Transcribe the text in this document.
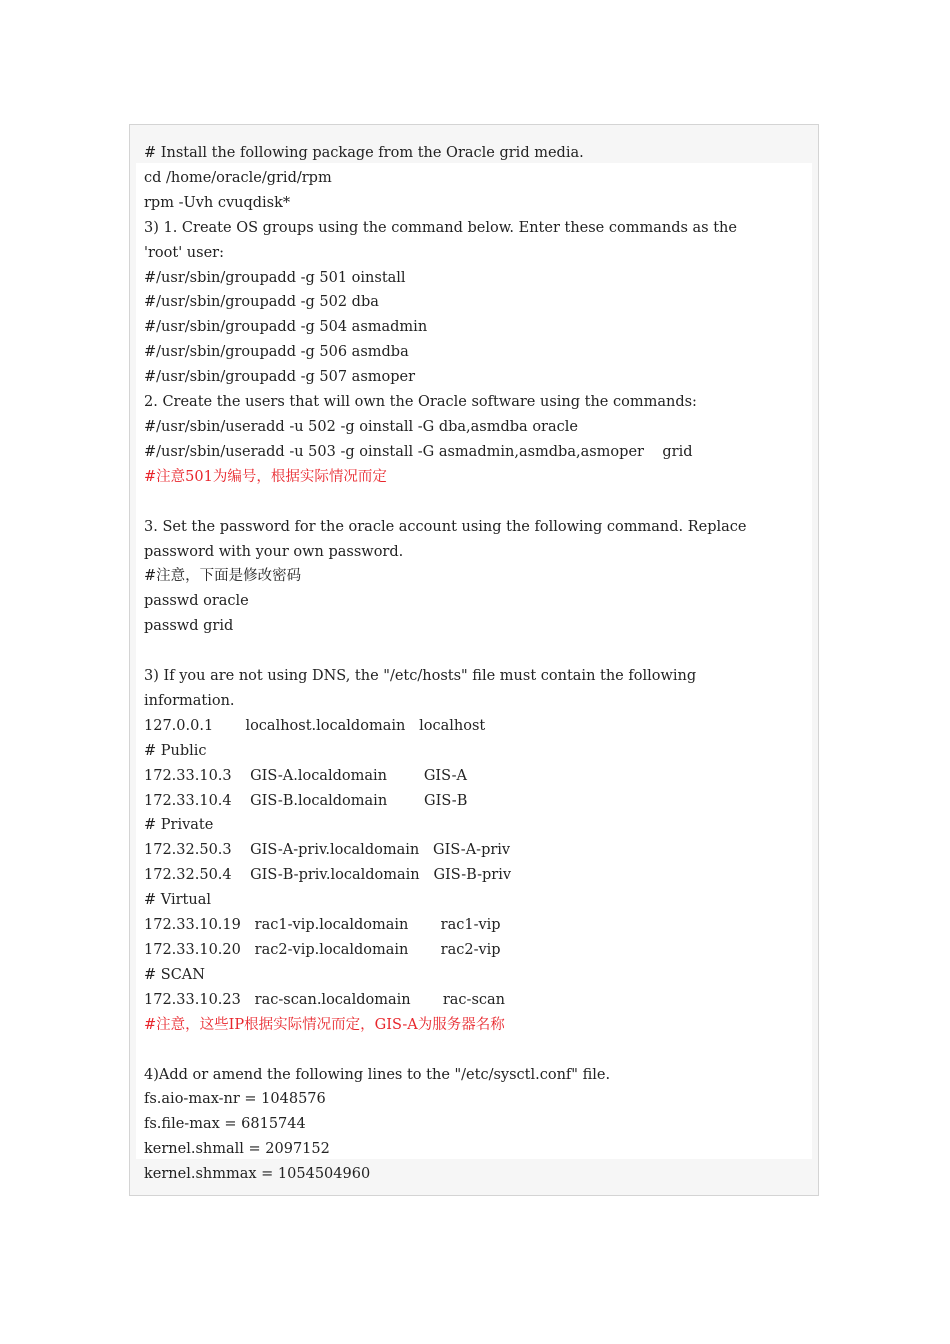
# Install the following package from the Oracle grid media.
cd /home/oracle/grid/rpm
rpm -Uvh cvuqdisk*
3) 1. Create OS groups using the command below. Enter these commands as the
'root' user:
#/usr/sbin/groupadd -g 501 oinstall
#/usr/sbin/groupadd -g 502 dba
#/usr/sbin/groupadd -g 504 asmadmin
#/usr/sbin/groupadd -g 506 asmdba
#/usr/sbin/groupadd -g 507 asmoper
2. Create the users that will own the Oracle software using the commands:
#/usr/sbin/useradd -u 502 -g oinstall -G dba,asmdba oracle
#/usr/sbin/useradd -u 503 -g oinstall -G asmadmin,asmdba,asmoper    grid
#注意501为编号，根据实际情况而定
3. Set the password for the oracle account using the following command. Replace
password with your own password.
#注意，下面是修改密码
passwd oracle
passwd grid
3) If you are not using DNS, the "/etc/hosts" file must contain the following
information.
127.0.0.1       localhost.localdomain   localhost
# Public
172.33.10.3    GIS-A.localdomain        GIS-A
172.33.10.4    GIS-B.localdomain        GIS-B
# Private
172.32.50.3    GIS-A-priv.localdomain   GIS-A-priv
172.32.50.4    GIS-B-priv.localdomain   GIS-B-priv
# Virtual
172.33.10.19   rac1-vip.localdomain       rac1-vip
172.33.10.20   rac2-vip.localdomain       rac2-vip
# SCAN
172.33.10.23   rac-scan.localdomain       rac-scan
#注意，这些IP根据实际情况而定，GIS-A为服务器名称
4)Add or amend the following lines to the "/etc/sysctl.conf" file.
fs.aio-max-nr = 1048576
fs.file-max = 6815744
kernel.shmall = 2097152
kernel.shmmax = 1054504960
